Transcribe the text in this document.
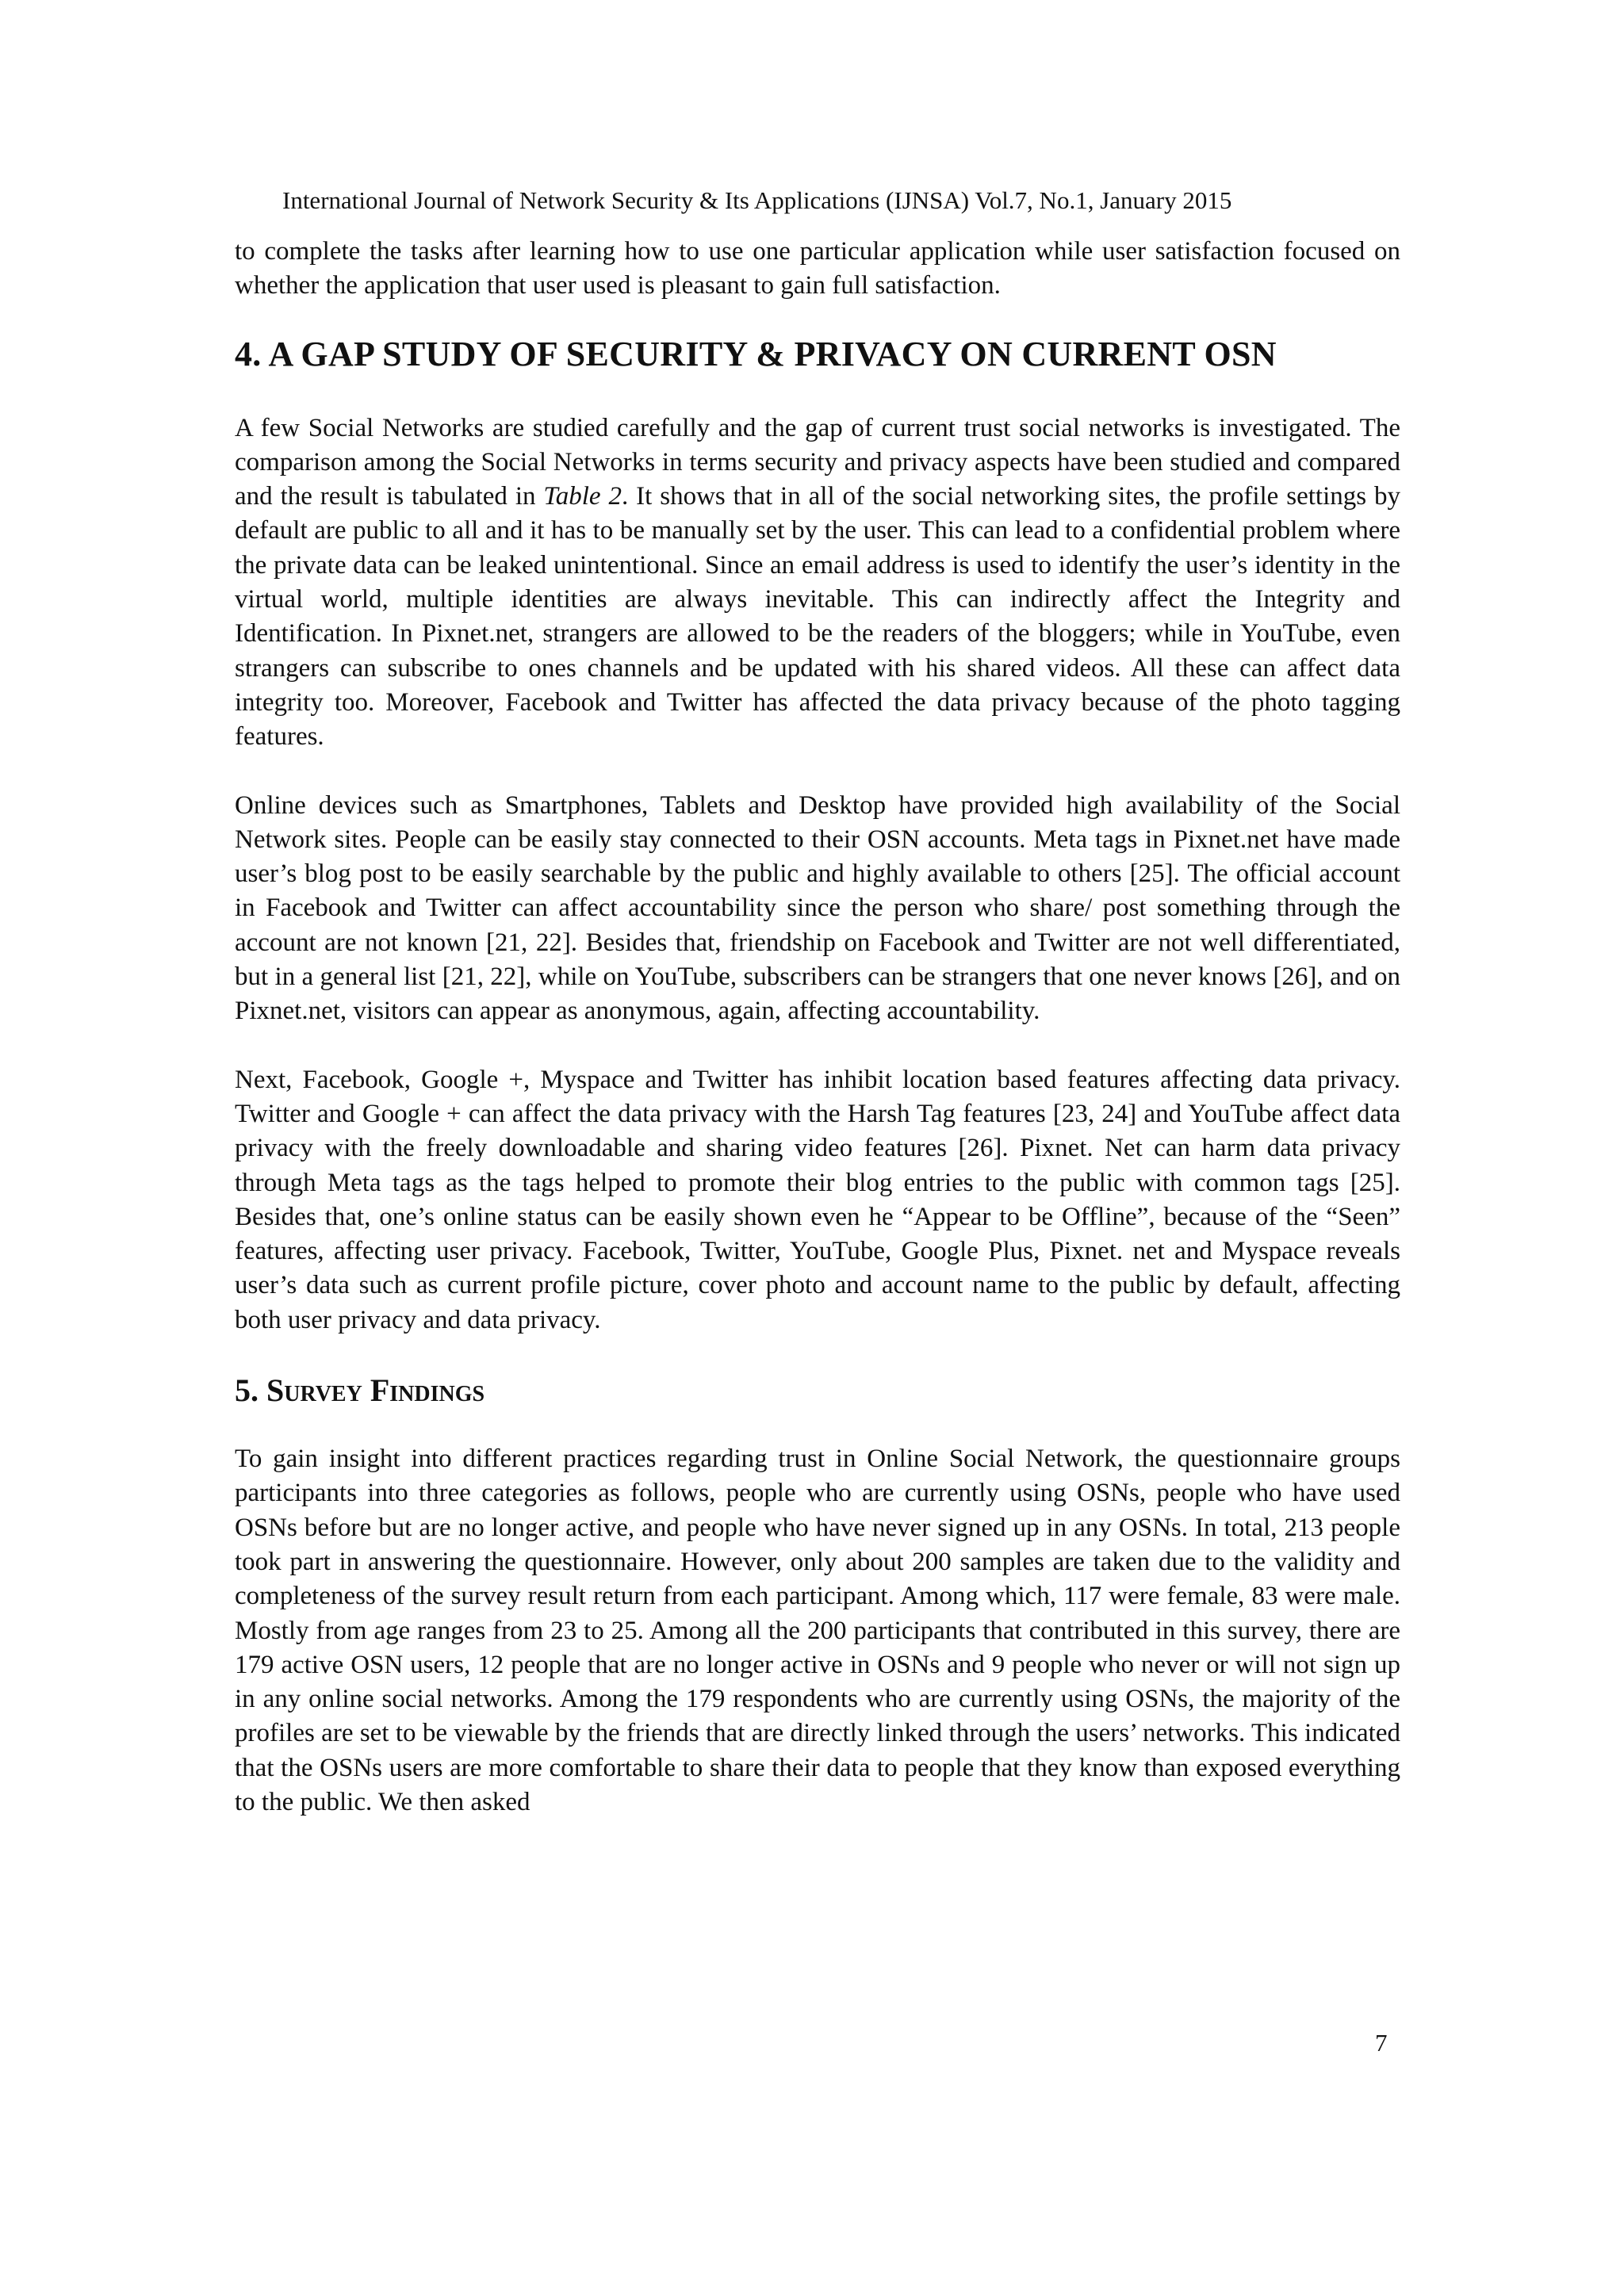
International Journal of Network Security & Its Applications (IJNSA) Vol.7, No.1, January 2015

to complete the tasks after learning how to use one particular application while user satisfaction focused on whether the application that user used is pleasant to gain full satisfaction.

4. A GAP STUDY OF SECURITY & PRIVACY ON CURRENT OSN

A few Social Networks are studied carefully and the gap of current trust social networks is investigated. The comparison among the Social Networks in terms security and privacy aspects have been studied and compared and the result is tabulated in Table 2. It shows that in all of the social networking sites, the profile settings by default are public to all and it has to be manually set by the user. This can lead to a confidential problem where the private data can be leaked unintentional. Since an email address is used to identify the user’s identity in the virtual world, multiple identities are always inevitable. This can indirectly affect the Integrity and Identification. In Pixnet.net, strangers are allowed to be the readers of the bloggers; while in YouTube, even strangers can subscribe to ones channels and be updated with his shared videos. All these can affect data integrity too. Moreover, Facebook and Twitter has affected the data privacy because of the photo tagging features.

Online devices such as Smartphones, Tablets and Desktop have provided high availability of the Social Network sites. People can be easily stay connected to their OSN accounts. Meta tags in Pixnet.net have made user’s blog post to be easily searchable by the public and highly available to others [25]. The official account in Facebook and Twitter can affect accountability since the person who share/ post something through the account are not known [21, 22]. Besides that, friendship on Facebook and Twitter are not well differentiated, but in a general list [21, 22], while on YouTube, subscribers can be strangers that one never knows [26], and on Pixnet.net, visitors can appear as anonymous, again, affecting accountability.

Next, Facebook, Google +, Myspace and Twitter has inhibit location based features affecting data privacy. Twitter and Google + can affect the data privacy with the Harsh Tag features [23, 24] and YouTube affect data privacy with the freely downloadable and sharing video features [26]. Pixnet. Net can harm data privacy through Meta tags as the tags helped to promote their blog entries to the public with common tags [25]. Besides that, one’s online status can be easily shown even he “Appear to be Offline”, because of the “Seen” features, affecting user privacy. Facebook, Twitter, YouTube, Google Plus, Pixnet. net and Myspace reveals user’s data such as current profile picture, cover photo and account name to the public by default, affecting both user privacy and data privacy.

5. Survey Findings

To gain insight into different practices regarding trust in Online Social Network, the questionnaire groups participants into three categories as follows, people who are currently using OSNs, people who have used OSNs before but are no longer active, and people who have never signed up in any OSNs. In total, 213 people took part in answering the questionnaire. However, only about 200 samples are taken due to the validity and completeness of the survey result return from each participant. Among which, 117 were female, 83 were male. Mostly from age ranges from 23 to 25. Among all the 200 participants that contributed in this survey, there are 179 active OSN users, 12 people that are no longer active in OSNs and 9 people who never or will not sign up in any online social networks. Among the 179 respondents who are currently using OSNs, the majority of the profiles are set to be viewable by the friends that are directly linked through the users’ networks. This indicated that the OSNs users are more comfortable to share their data to people that they know than exposed everything to the public. We then asked

7
